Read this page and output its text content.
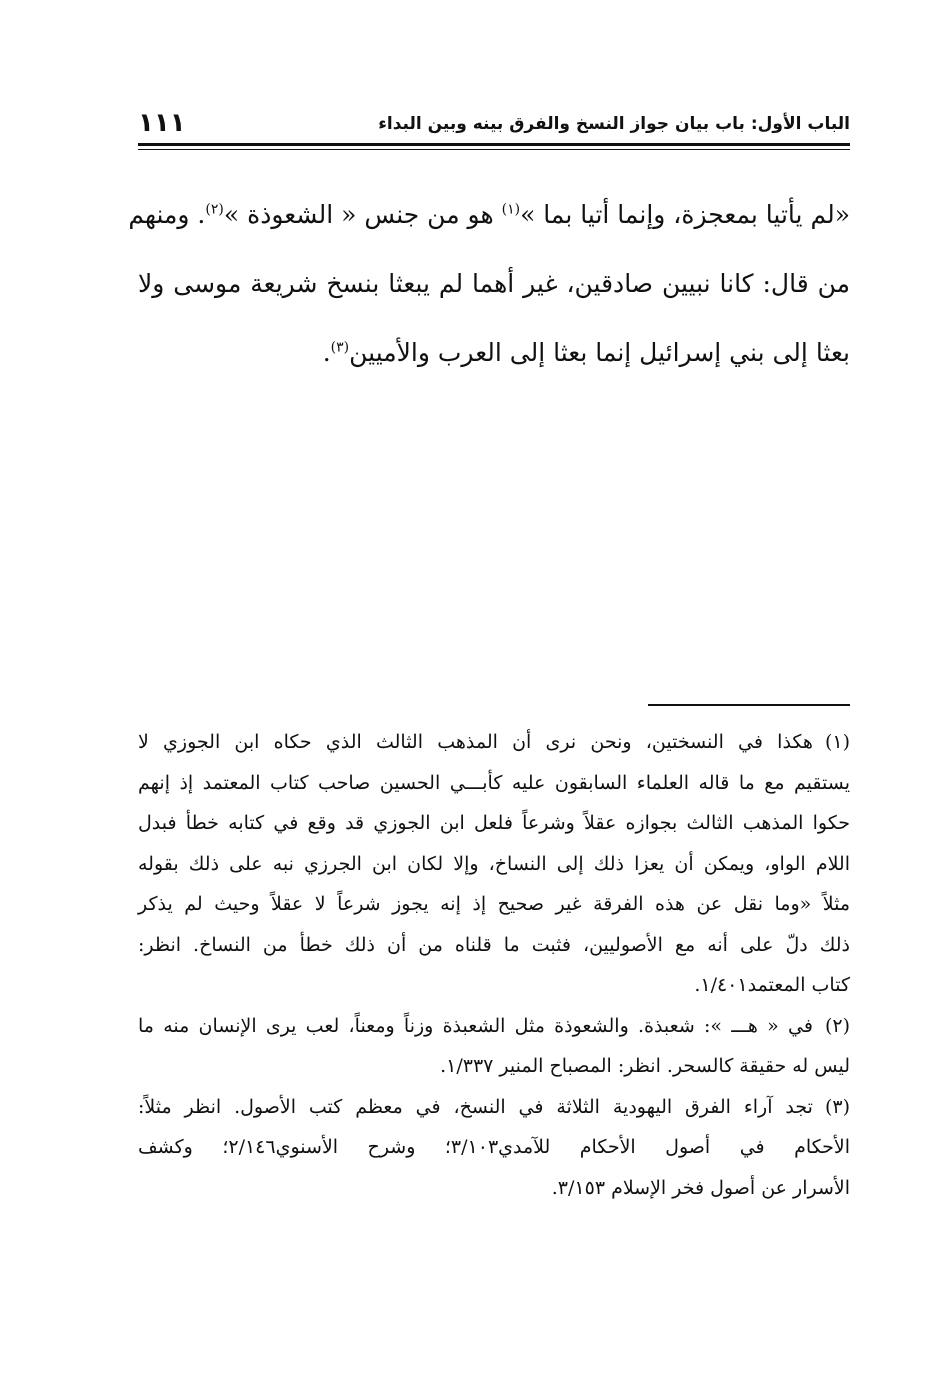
الباب الأول: باب بيان جواز النسخ والفرق بينه وبين البداء
١١١
«لم يأتيا بمعجزة، وإنما أتيا بما »$^{(١)}$ هو من جنس « الشعوذة »$^{(٢)}$. ومنهم
من قال: كانا نبيين صادقين، غير أهما لم يبعثا بنسخ شريعة موسى ولا
بعثا إلى بني إسرائيل إنما بعثا إلى العرب والأميين$^{(٣)}$.
(١)هكذا في النسختين، ونحن نرى أن المذهب الثالث الذي حكاه ابن الجوزي لا
يستقيم مع ما قاله العلماء السابقون عليه كأبـــي الحسين صاحب كتاب المعتمد إذ إنهم
حكوا المذهب الثالث بجوازه عقلاً وشرعاً فلعل ابن الجوزي قد وقع في كتابه خطأ فبدل
اللام الواو، ويمكن أن يعزا ذلك إلى النساخ، وإلا لكان ابن الجرزي نبه على ذلك بقوله
مثلاً «وما نقل عن هذه الفرقة غير صحيح إذ إنه يجوز شرعاً لا عقلاً وحيث لم يذكر
ذلك دلّ على أنه مع الأصوليين، فثبت ما قلناه من أن ذلك خطأ من النساخ. انظر:
كتاب المعتمد١/٤٠١.
(٢)في « هـــ »: شعبذة. والشعوذة مثل الشعبذة وزناً ومعناً، لعب يرى الإنسان منه ما
ليس له حقيقة كالسحر. انظر: المصباح المنير ١/٣٣٧.
(٣)تجد آراء الفرق اليهودية الثلاثة في النسخ، في معظم كتب الأصول. انظر مثلاً:
الأحكام في أصول الأحكام للآمدي٣/١٠٣؛ وشرح الأسنوي٢/١٤٦؛ وكشف
الأسرار عن أصول فخر الإسلام ٣/١٥٣.
